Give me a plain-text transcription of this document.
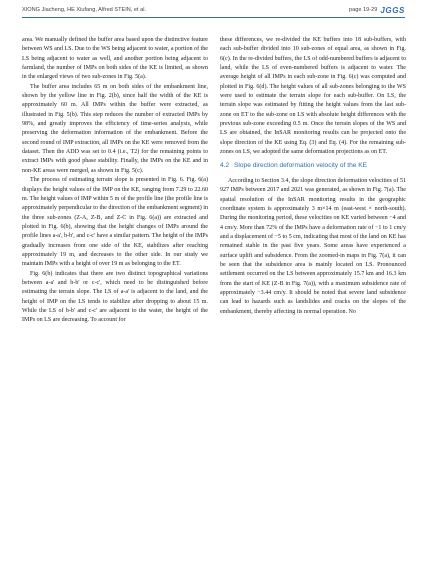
XIONG Jiacheng, HE Xiufang, Alfred STEIN, et al.	page 19-29 JGGS

area. We manually defined the buffer area based upon the distinctive feature between WS and LS. Due to the WS being adjacent to water, a portion of the LS being adjacent to water as well, and another portion being adjacent to farmland, the number of IMPs on both sides of the KE is limited, as shown in the enlarged views of two sub-zones in Fig. 5(a).

The buffer area includes 65 m on both sides of the embankment line, shown by the yellow line in Fig. 2(b), since half the width of the KE is approximately 60 m. All IMPs within the buffer were extracted, as illustrated in Fig. 5(b). This step reduces the number of extracted IMPs by 98%, and greatly improves the efficiency of time-series analysis, while preserving the deformation information of the embankment. Before the second round of IMP extraction, all IMPs on the KE were removed from the dataset. Then the ADD was set to 0.4 (i.e., T2) for the remaining points to extract IMPs with good phase stability. Finally, the IMPs on the KE and in non-KE areas were merged, as shown in Fig. 5(c).

The process of estimating terrain slope is presented in Fig. 6. Fig. 6(a) displays the height values of the IMP on the KE, ranging from 7.29 to 22.60 m. The height values of IMP within 5 m of the profile line (the profile line is approximately perpendicular to the direction of the embankment segment) in the three sub-zones (Z-A, Z-B, and Z-C in Fig. 6(a)) are extracted and plotted in Fig. 6(b), showing that the height changes of IMPs around the profile lines a-a', b-b', and c-c' have a similar pattern. The height of the IMPs gradually increases from one side of the KE, stabilizes after reaching approximately 19 m, and decreases to the other side. In our study we maintain IMPs with a height of over 19 m as belonging to the ET.

Fig. 6(b) indicates that there are two distinct topographical variations between a-a' and b-b' or c-c', which need to be distinguished before estimating the terrain slope. The LS of a-a' is adjacent to the land, and the height of IMP on the LS tends to stabilize after dropping to about 15 m. While the LS of b-b' and c-c' are adjacent to the water, the height of the IMPs on LS are decreasing. To account for

these differences, we re-divided the KE buffers into 18 sub-buffers, with each sub-buffer divided into 10 sub-zones of equal area, as shown in Fig. 6(c). In the re-divided buffers, the LS of odd-numbered buffers is adjacent to land, while the LS of even-numbered buffers is adjacent to water. The average height of all IMPs in each sub-zone in Fig. 6(c) was computed and plotted in Fig. 6(d). The height values of all sub-zones belonging to the WS were used to estimate the terrain slope for each sub-buffer. On LS, the terrain slope was estimated by fitting the height values from the last sub-zone on ET to the sub-zone on LS with absolute height differences with the previous sub-zone exceeding 0.5 m. Once the terrain slopes of the WS and LS are obtained, the InSAR monitoring results can be projected onto the slope direction of the KE using Eq. (3) and Eq. (4). For the remaining sub-zones on LS, we adopted the same deformation projections as on ET.

4.2 Slope direction deformation velocity of the KE

According to Section 3.4, the slope direction deformation velocities of 51 927 IMPs between 2017 and 2021 was generated, as shown in Fig. 7(a). The spatial resolution of the InSAR monitoring results in the geographic coordinate system is approximately 3 m×14 m (east-west × north-south). During the monitoring period, these velocities on KE varied between −4 and 4 cm/y. More than 72% of the IMPs have a deformation rate of −1 to 1 cm/y and a displacement of −5 to 5 cm, indicating that most of the land on KE has remained stable in the past five years. Some areas have experienced a surface uplift and subsidence. From the zoomed-in maps in Fig. 7(a), it can be seen that the subsidence area is mainly located on LS. Pronounced settlement occurred on the LS between approximately 15.7 km and 16.3 km from the start of KE (Z-B in Fig. 7(a)), with a maximum subsidence rate of approximately −3.44 cm/y. It should be noted that severe land subsidence can lead to hazards such as landslides and cracks on the slopes of the embankment, thereby affecting its normal operation. No
